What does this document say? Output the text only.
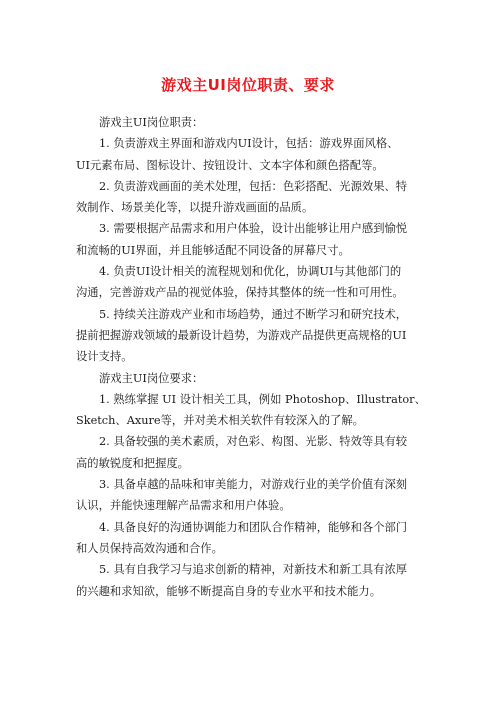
游戏主UI岗位职责、要求
游戏主UI岗位职责：
1. 负责游戏主界面和游戏内UI设计，包括：游戏界面风格、
UI元素布局、图标设计、按钮设计、文本字体和颜色搭配等。
2. 负责游戏画面的美术处理，包括：色彩搭配、光源效果、特
效制作、场景美化等，以提升游戏画面的品质。
3. 需要根据产品需求和用户体验，设计出能够让用户感到愉悦
和流畅的UI界面，并且能够适配不同设备的屏幕尺寸。
4. 负责UI设计相关的流程规划和优化，协调UI与其他部门的
沟通，完善游戏产品的视觉体验，保持其整体的统一性和可用性。
5. 持续关注游戏产业和市场趋势，通过不断学习和研究技术，
提前把握游戏领域的最新设计趋势，为游戏产品提供更高规格的UI
设计支持。
游戏主UI岗位要求：
1. 熟练掌握 UI 设计相关工具，例如 Photoshop、Illustrator、
Sketch、Axure等，并对美术相关软件有较深入的了解。
2. 具备较强的美术素质，对色彩、构图、光影、特效等具有较
高的敏锐度和把握度。
3. 具备卓越的品味和审美能力，对游戏行业的美学价值有深刻
认识，并能快速理解产品需求和用户体验。
4. 具备良好的沟通协调能力和团队合作精神，能够和各个部门
和人员保持高效沟通和合作。
5. 具有自我学习与追求创新的精神，对新技术和新工具有浓厚
的兴趣和求知欲，能够不断提高自身的专业水平和技术能力。
